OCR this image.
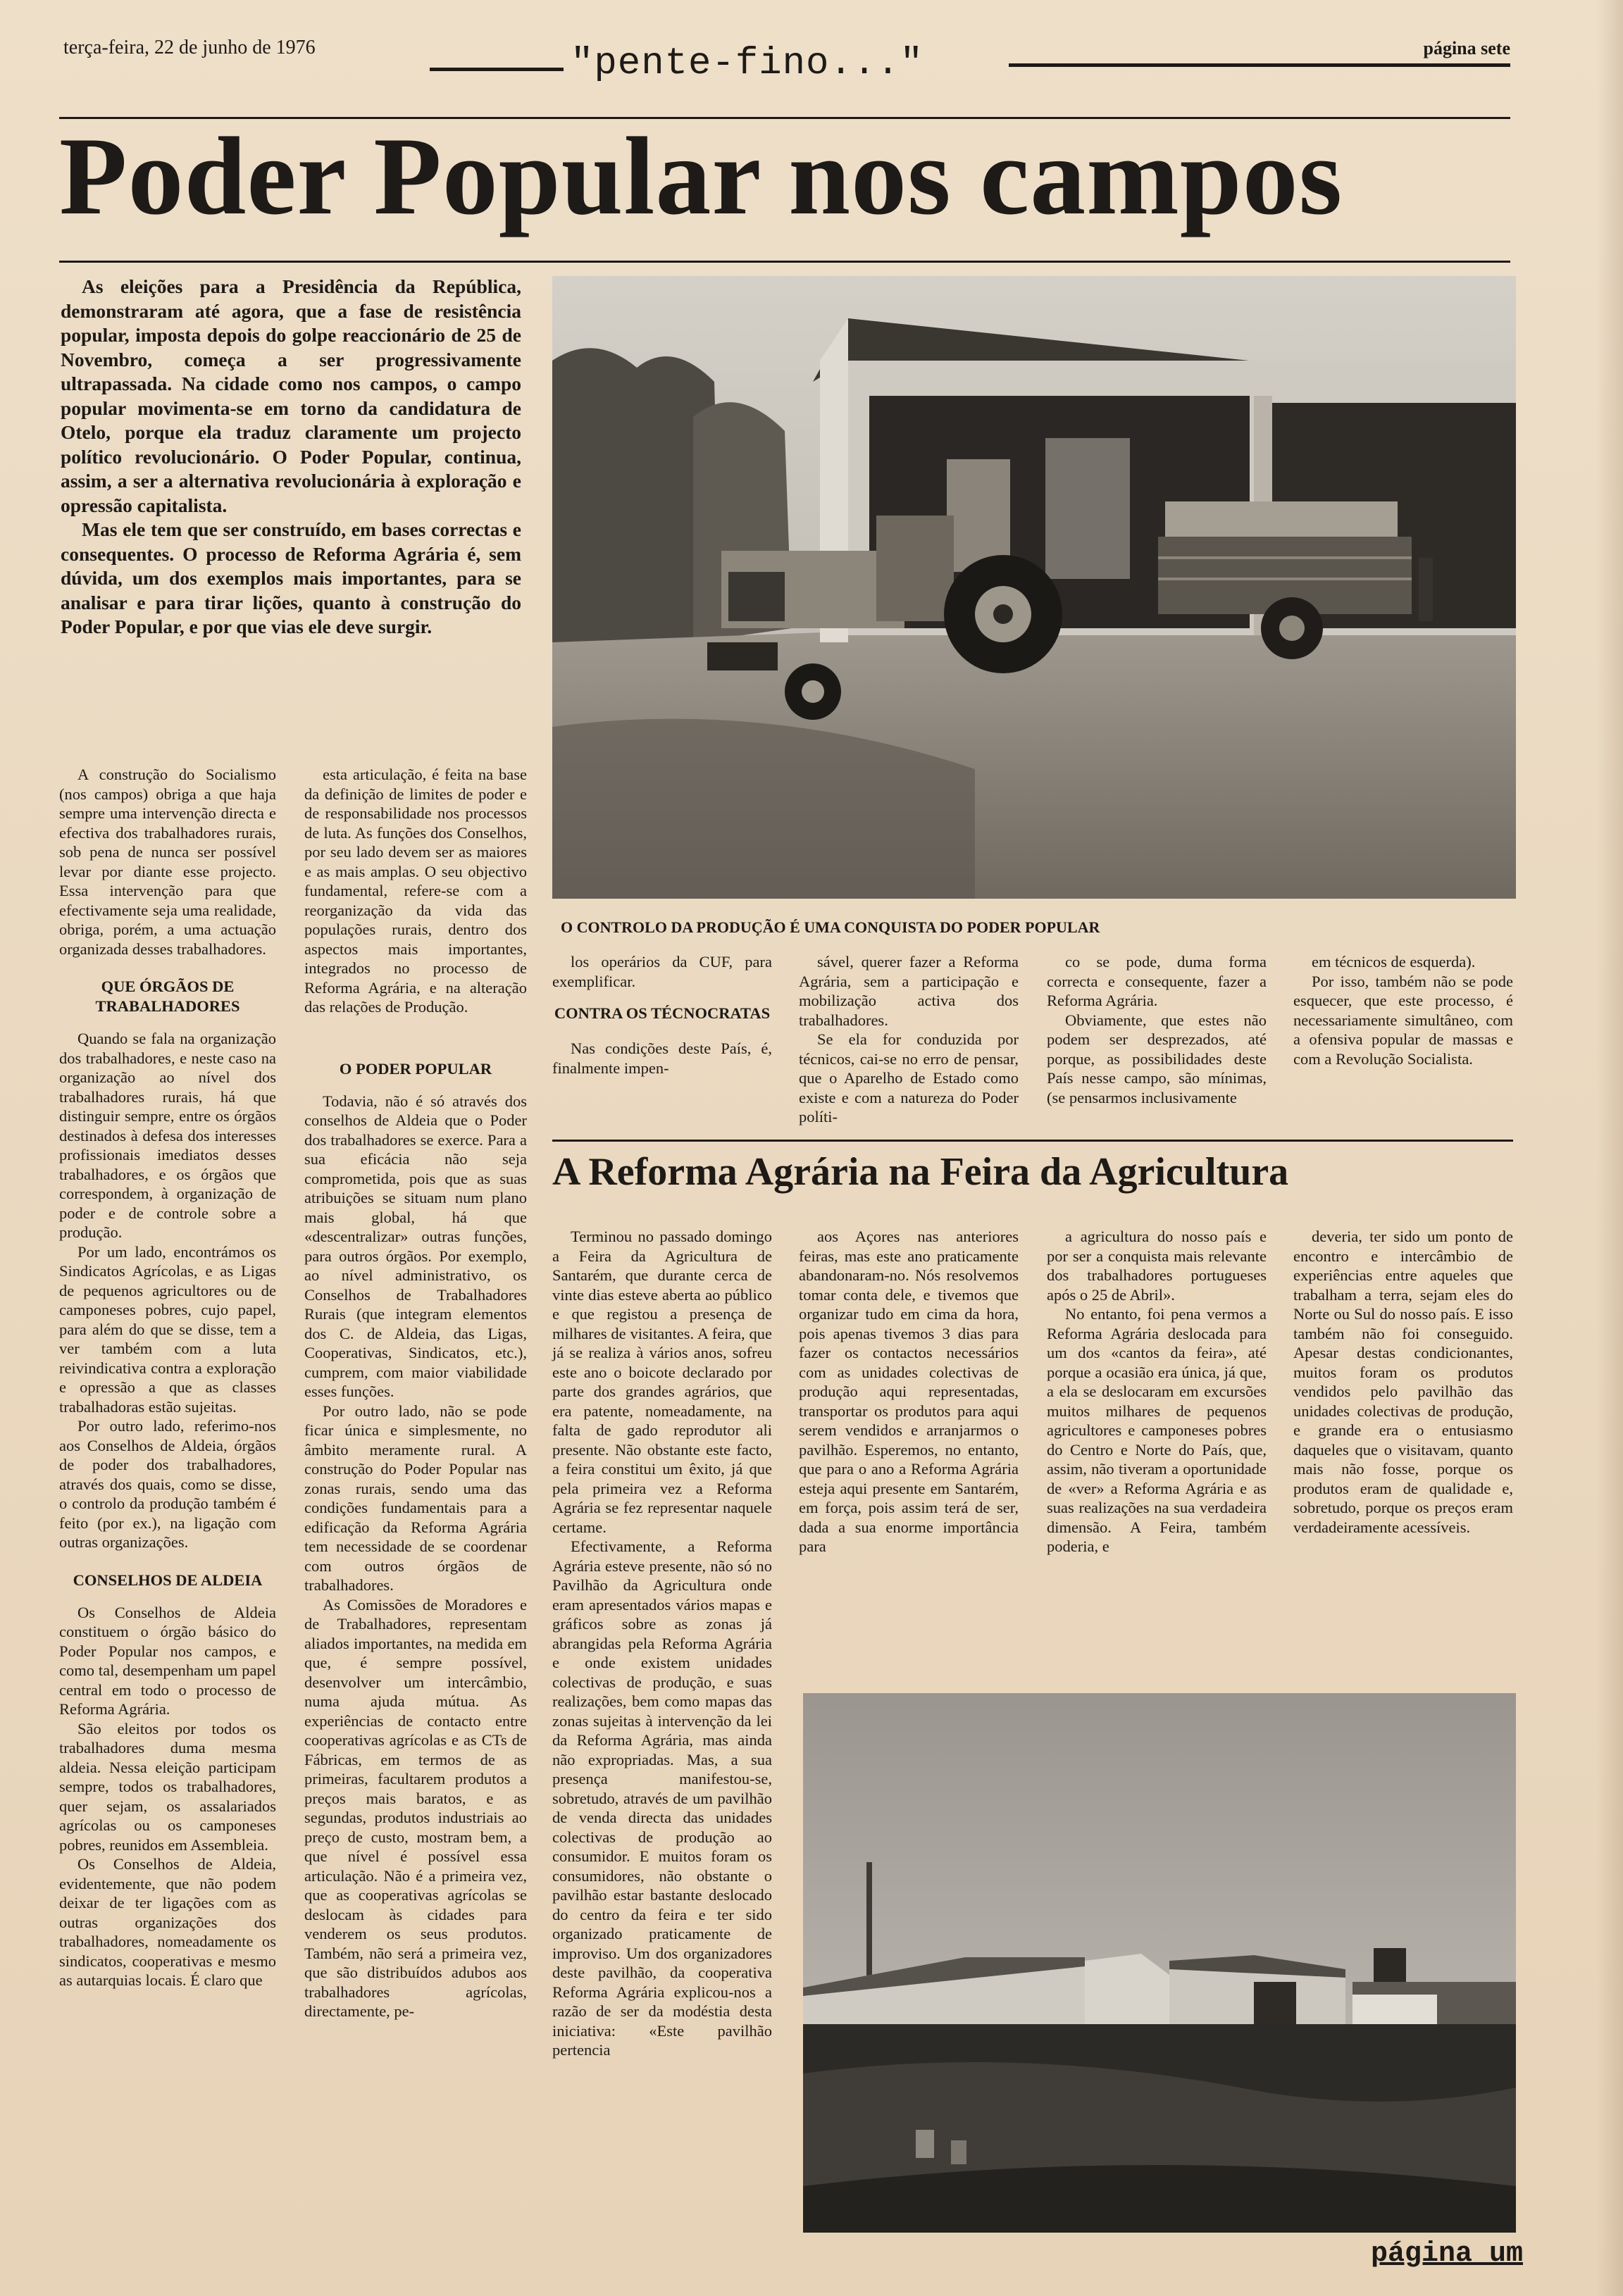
terça-feira, 22 de junho de 1976	"pente-fino..."	página sete
Poder Popular nos campos

As eleições para a Presidência da República, demonstraram até agora, que a fase de resistência popular, imposta depois do golpe reaccionário de 25 de Novembro, começa a ser progressivamente ultrapassada. Na cidade como nos campos, o campo popular movimenta-se em torno da candidatura de Otelo, porque ela traduz claramente um projecto político revolucionário. O Poder Popular, continua, assim, a ser a alternativa revolucionária à exploração e opressão capitalista.

Mas ele tem que ser construído, em bases correctas e consequentes. O processo de Reforma Agrária é, sem dúvida, um dos exemplos mais importantes, para se analisar e para tirar lições, quanto à construção do Poder Popular, e por que vias ele deve surgir.

O CONTROLO DA PRODUÇÃO É UMA CONQUISTA DO PODER POPULAR

A construção do Socialismo (nos campos) obriga a que haja sempre uma intervenção directa e efectiva dos trabalhadores rurais, sob pena de nunca ser possível levar por diante esse projecto. Essa intervenção para que efectivamente seja uma realidade, obriga, porém, a uma actuação organizada desses trabalhadores.

QUE ÓRGÃOS DE TRABALHADORES

Quando se fala na organização dos trabalhadores, e neste caso na organização ao nível dos trabalhadores rurais, há que distinguir sempre, entre os órgãos destinados à defesa dos interesses profissionais imediatos desses trabalhadores, e os órgãos que correspondem, à organização de poder e de controle sobre a produção.

Por um lado, encontrámos os Sindicatos Agrícolas, e as Ligas de pequenos agricultores ou de camponeses pobres, cujo papel, para além do que se disse, tem a ver também com a luta reivindicativa contra a exploração e opressão a que as classes trabalhadoras estão sujeitas.

Por outro lado, referimo-nos aos Conselhos de Aldeia, órgãos de poder dos trabalhadores, através dos quais, como se disse, o controlo da produção também é feito (por ex.), na ligação com outras organizações.

CONSELHOS DE ALDEIA

Os Conselhos de Aldeia constituem o órgão básico do Poder Popular nos campos, e como tal, desempenham um papel central em todo o processo de Reforma Agrária.

São eleitos por todos os trabalhadores duma mesma aldeia. Nessa eleição participam sempre, todos os trabalhadores, quer sejam, os assalariados agrícolas ou os camponeses pobres, reunidos em Assembleia.

Os Conselhos de Aldeia, evidentemente, que não podem deixar de ter ligações com as outras organizações dos trabalhadores, nomeadamente os sindicatos, cooperativas e mesmo as autarquias locais. É claro que

esta articulação, é feita na base da definição de limites de poder e de responsabilidade nos processos de luta. As funções dos Conselhos, por seu lado devem ser as maiores e as mais amplas. O seu objectivo fundamental, refere-se com a reorganização da vida das populações rurais, dentro dos aspectos mais importantes, integrados no processo de Reforma Agrária, e na alteração das relações de Produção.

O PODER POPULAR

Todavia, não é só através dos conselhos de Aldeia que o Poder dos trabalhadores se exerce. Para a sua eficácia não seja comprometida, pois que as suas atribuições se situam num plano mais global, há que «descentralizar» outras funções, para outros órgãos. Por exemplo, ao nível administrativo, os Conselhos de Trabalhadores Rurais (que integram elementos dos C. de Aldeia, das Ligas, Cooperativas, Sindicatos, etc.), cumprem, com maior viabilidade esses funções.

Por outro lado, não se pode ficar única e simplesmente, no âmbito meramente rural. A construção do Poder Popular nas zonas rurais, sendo uma das condições fundamentais para a edificação da Reforma Agrária tem necessidade de se coordenar com outros órgãos de trabalhadores.

As Comissões de Moradores e de Trabalhadores, representam aliados importantes, na medida em que, é sempre possível, desenvolver um intercâmbio, numa ajuda mútua. As experiências de contacto entre cooperativas agrícolas e as CTs de Fábricas, em termos de as primeiras, facultarem produtos a preços mais baratos, e as segundas, produtos industriais ao preço de custo, mostram bem, a que nível é possível essa articulação. Não é a primeira vez, que as cooperativas agrícolas se deslocam às cidades para venderem os seus produtos. Também, não será a primeira vez, que são distribuídos adubos aos trabalhadores agrícolas, directamente, pe-

los operários da CUF, para exemplificar.

CONTRA OS TÉCNOCRATAS

Nas condições deste País, é, finalmente impen-

sável, querer fazer a Reforma Agrária, sem a participação e mobilização activa dos trabalhadores.

Se ela for conduzida por técnicos, cai-se no erro de pensar, que o Aparelho de Estado como existe e com a natureza do Poder políti-

co se pode, duma forma correcta e consequente, fazer a Reforma Agrária.

Obviamente, que estes não podem ser desprezados, até porque, as possibilidades deste País nesse campo, são mínimas, (se pensarmos inclusivamente

em técnicos de esquerda).

Por isso, também não se pode esquecer, que este processo, é necessariamente simultâneo, com a ofensiva popular de massas e com a Revolução Socialista.

A Reforma Agrária na Feira da Agricultura

Terminou no passado domingo a Feira da Agricultura de Santarém, que durante cerca de vinte dias esteve aberta ao público e que registou a presença de milhares de visitantes. A feira, que já se realiza à vários anos, sofreu este ano o boicote declarado por parte dos grandes agrários, que era patente, nomeadamente, na falta de gado reprodutor ali presente. Não obstante este facto, a feira constitui um êxito, já que pela primeira vez a Reforma Agrária se fez representar naquele certame.

Efectivamente, a Reforma Agrária esteve presente, não só no Pavilhão da Agricultura onde eram apresentados vários mapas e gráficos sobre as zonas já abrangidas pela Reforma Agrária e onde existem unidades colectivas de produção, e suas realizações, bem como mapas das zonas sujeitas à intervenção da lei da Reforma Agrária, mas ainda não expropriadas. Mas, a sua presença manifestou-se, sobretudo, através de um pavilhão de venda directa das unidades colectivas de produção ao consumidor. E muitos foram os consumidores, não obstante o pavilhão estar bastante deslocado do centro da feira e ter sido organizado praticamente de improviso. Um dos organizadores deste pavilhão, da cooperativa Reforma Agrária explicou-nos a razão de ser da modéstia desta iniciativa: «Este pavilhão pertencia

aos Açores nas anteriores feiras, mas este ano praticamente abandonaram-no. Nós resolvemos tomar conta dele, e tivemos que organizar tudo em cima da hora, pois apenas tivemos 3 dias para fazer os contactos necessários com as unidades colectivas de produção aqui representadas, transportar os produtos para aqui serem vendidos e arranjarmos o pavilhão. Esperemos, no entanto, que para o ano a Reforma Agrária esteja aqui presente em Santarém, em força, pois assim terá de ser, dada a sua enorme importância para

a agricultura do nosso país e por ser a conquista mais relevante dos trabalhadores portugueses após o 25 de Abril».

No entanto, foi pena vermos a Reforma Agrária deslocada para um dos «cantos da feira», até porque a ocasião era única, já que, a ela se deslocaram em excursões muitos milhares de pequenos agricultores e camponeses pobres do Centro e Norte do País, que, assim, não tiveram a oportunidade de «ver» a Reforma Agrária e as suas realizações na sua verdadeira dimensão. A Feira, também poderia, e

deveria, ter sido um ponto de encontro e intercâmbio de experiências entre aqueles que trabalham a terra, sejam eles do Norte ou Sul do nosso país. E isso também não foi conseguido. Apesar destas condicionantes, muitos foram os produtos vendidos pelo pavilhão das unidades colectivas de produção, e grande era o entusiasmo daqueles que o visitavam, quanto mais não fosse, porque os produtos eram de qualidade e, sobretudo, porque os preços eram verdadeiramente acessíveis.

página um
